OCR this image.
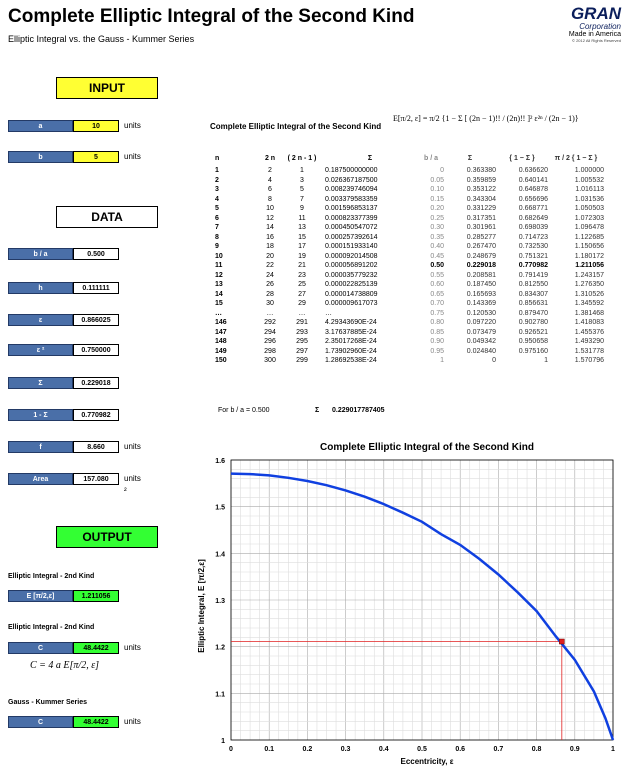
Complete Elliptic Integral of the Second Kind
Elliptic Integral vs. the Gauss - Kummer Series
GRAN
Corporation
Made in America
© 2012 All Rights Reserved
INPUT
a	10	units
b	5	units
DATA
b / a	0.500
h	0.111111
ε	0.866025
ε ²	0.750000
Σ	0.229018
1 - Σ	0.770982
f	8.660	units
Area	157.080	units ²
OUTPUT
Elliptic Integral - 2nd Kind
E [π/2,ε]	1.211056
Elliptic Integral - 2nd Kind
C	48.4422	units
C = 4 a E[π/2, ε]
Gauss - Kummer Series
C	48.4422	units
Complete Elliptic Integral of the Second Kind
E[π/2, ε] = π/2 {1 − Σ [ (2n − 1)!! / (2n)!! ]² ε²ⁿ / (2n − 1)}
n	2 n	( 2 n - 1 )	Σ
1	2	1	0.187500000000
2	4	3	0.026367187500
3	6	5	0.008239746094
4	8	7	0.003379583359
5	10	9	0.001596853137
6	12	11	0.000823377399
7	14	13	0.000450547072
8	16	15	0.000257392614
9	18	17	0.000151933140
10	20	19	0.000092014508
11	22	21	0.000056891202
12	24	23	0.000035779232
13	26	25	0.000022825139
14	28	27	0.000014738809
15	30	29	0.000009617073
…	…	…	…
146	292	291	4.29343690E-24
147	294	293	3.17637885E-24
148	296	295	2.35017268E-24
149	298	297	1.73902960E-24
150	300	299	1.28692538E-24
b / a	Σ	{ 1 − Σ }	π / 2 { 1 − Σ }
0	0.363380	0.636620	1.000000
0.05	0.359859	0.640141	1.005532
0.10	0.353122	0.646878	1.016113
0.15	0.343304	0.656696	1.031536
0.20	0.331229	0.668771	1.050503
0.25	0.317351	0.682649	1.072303
0.30	0.301961	0.698039	1.096478
0.35	0.285277	0.714723	1.122685
0.40	0.267470	0.732530	1.150656
0.45	0.248679	0.751321	1.180172
0.50	0.229018	0.770982	1.211056
0.55	0.208581	0.791419	1.243157
0.60	0.187450	0.812550	1.276350
0.65	0.165693	0.834307	1.310526
0.70	0.143369	0.856631	1.345592
0.75	0.120530	0.879470	1.381468
0.80	0.097220	0.902780	1.418083
0.85	0.073479	0.926521	1.455376
0.90	0.049342	0.950658	1.493290
0.95	0.024840	0.975160	1.531778
1	0	1	1.570796
For b / a = 0.500	Σ 0.229017787405
Complete Elliptic Integral of the Second Kind
0	0.1	0.2	0.3	0.4	0.5	0.6	0.7	0.8	0.9	1
1
1.1
1.2
1.3
1.4
1.5
1.6
Eccentricity, ε
Elliptic Integral, E [π/2,ε]
